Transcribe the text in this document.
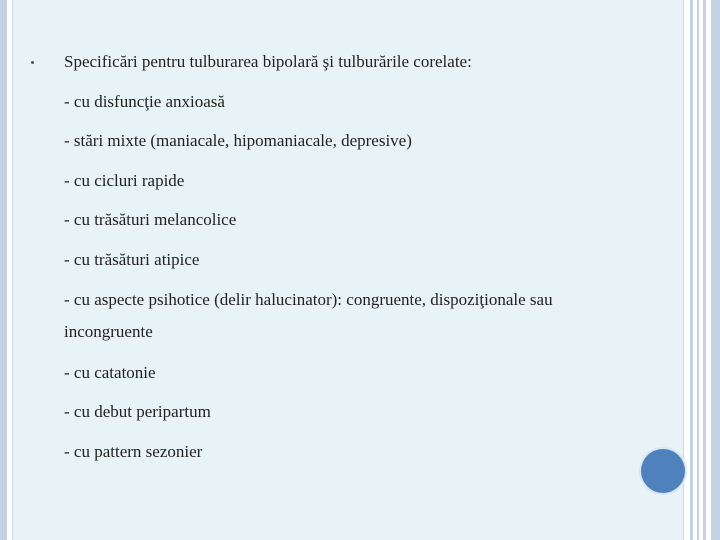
Specificări pentru tulburarea bipolară şi tulburările corelate:
- cu disfuncţie anxioasă
- stări mixte (maniacale, hipomaniacale, depresive)
- cu cicluri rapide
- cu trăsături melancolice
- cu trăsături atipice
- cu aspecte psihotice (delir halucinator): congruente, dispoziţionale sau
incongruente
- cu catatonie
- cu debut peripartum
- cu pattern sezonier
